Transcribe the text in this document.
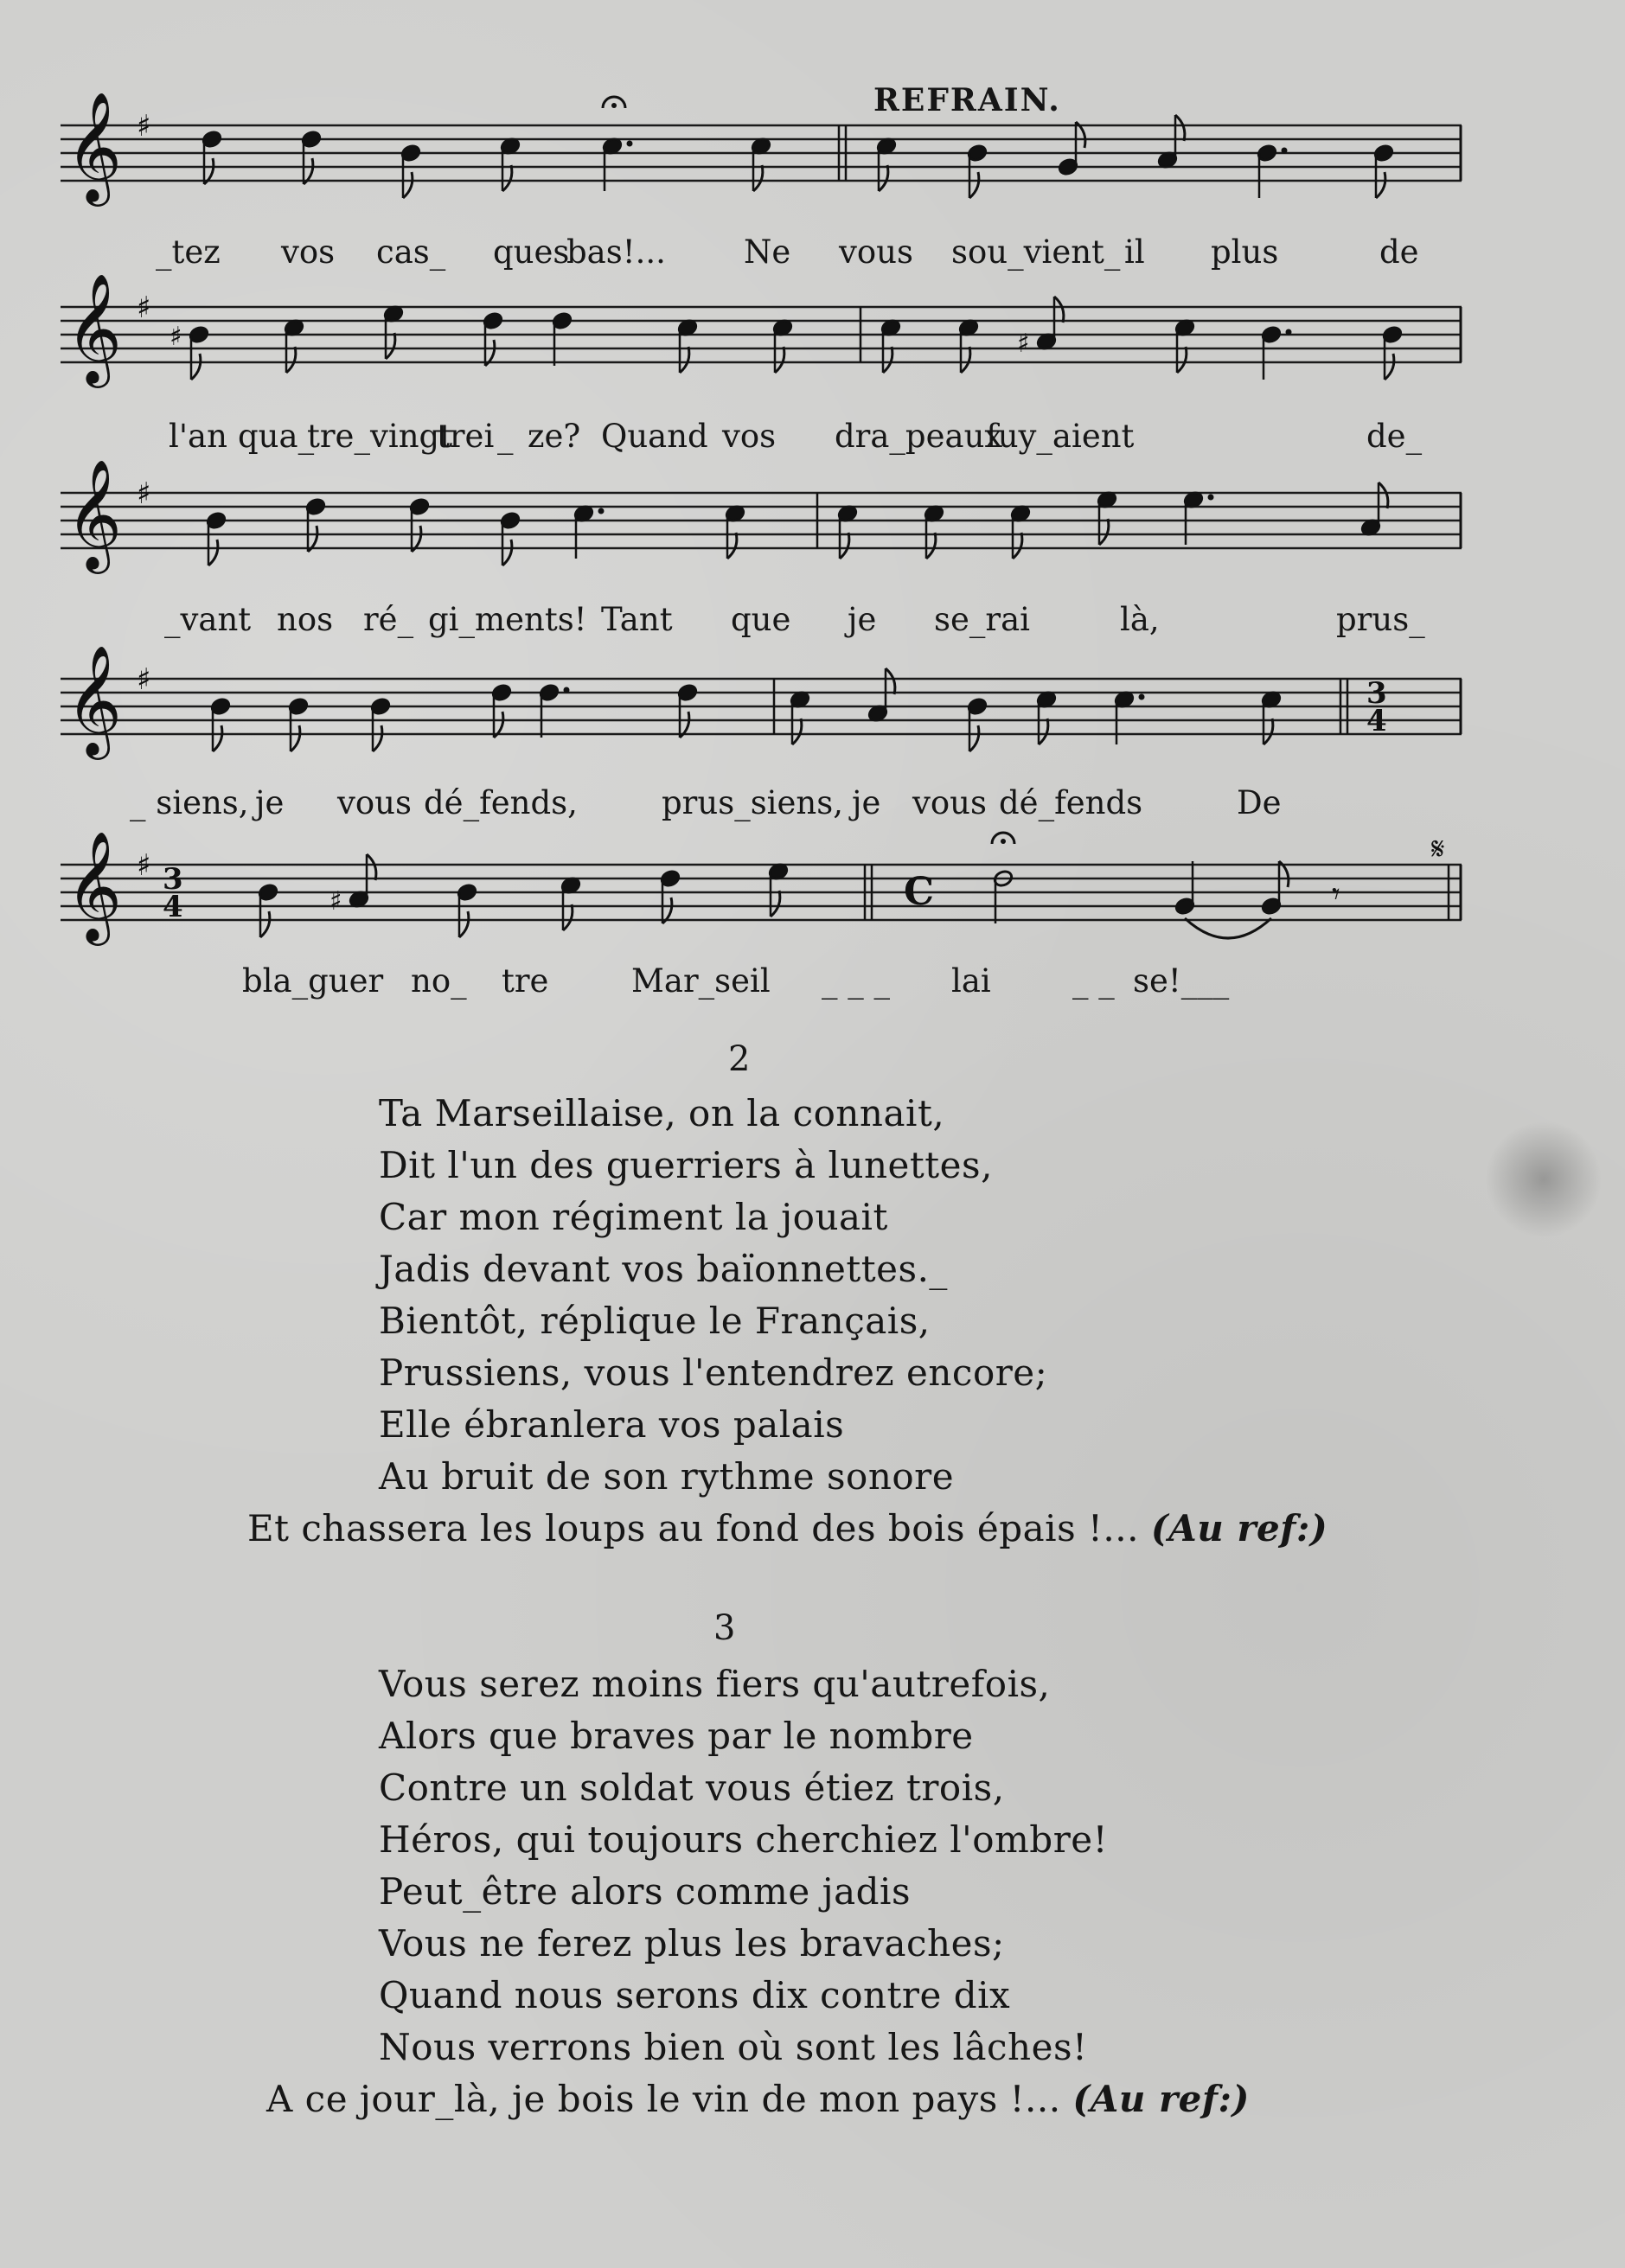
REFRAIN.
𝄞 ♯
_tez vos cas_ ques
bas!... Ne vous sou_vient_ il plus	de
𝄞 ♯
♯	♯
l'an qua_
tre_vingt
trei _ ze? Quand vos dra_peaux
fuy_aient	de_
𝄞 ♯
_vant nos ré_ gi_ments! Tant que je se_rai	là,	prus_
𝄞 ♯	3
4
_ siens, je vous dé_fends,	prus_siens, je vous dé_fends	De
𝄞 ♯ 3
4	♯	C	𝄾
𝄋
bla_guer no_ tre	Mar_seil _ _ _ lai	_ _ se!___
2
Ta Marseillaise, on la connait,
Dit l'un des guerriers à lunettes,
Car mon régiment la jouait
Jadis devant vos baïonnettes._
Bientôt, réplique le Français,
Prussiens, vous l'entendrez encore;
Elle ébranlera vos palais
Au bruit de son rythme sonore
Et chassera les loups au fond des bois épais !... (Au ref:)
3
Vous serez moins fiers qu'autrefois,
Alors que braves par le nombre
Contre un soldat vous étiez trois,
Héros, qui toujours cherchiez l'ombre!
Peut_être alors comme jadis
Vous ne ferez plus les bravaches;
Quand nous serons dix contre dix
Nous verrons bien où sont les lâches!
A ce jour_là, je bois le vin de mon pays !... (Au ref:)
